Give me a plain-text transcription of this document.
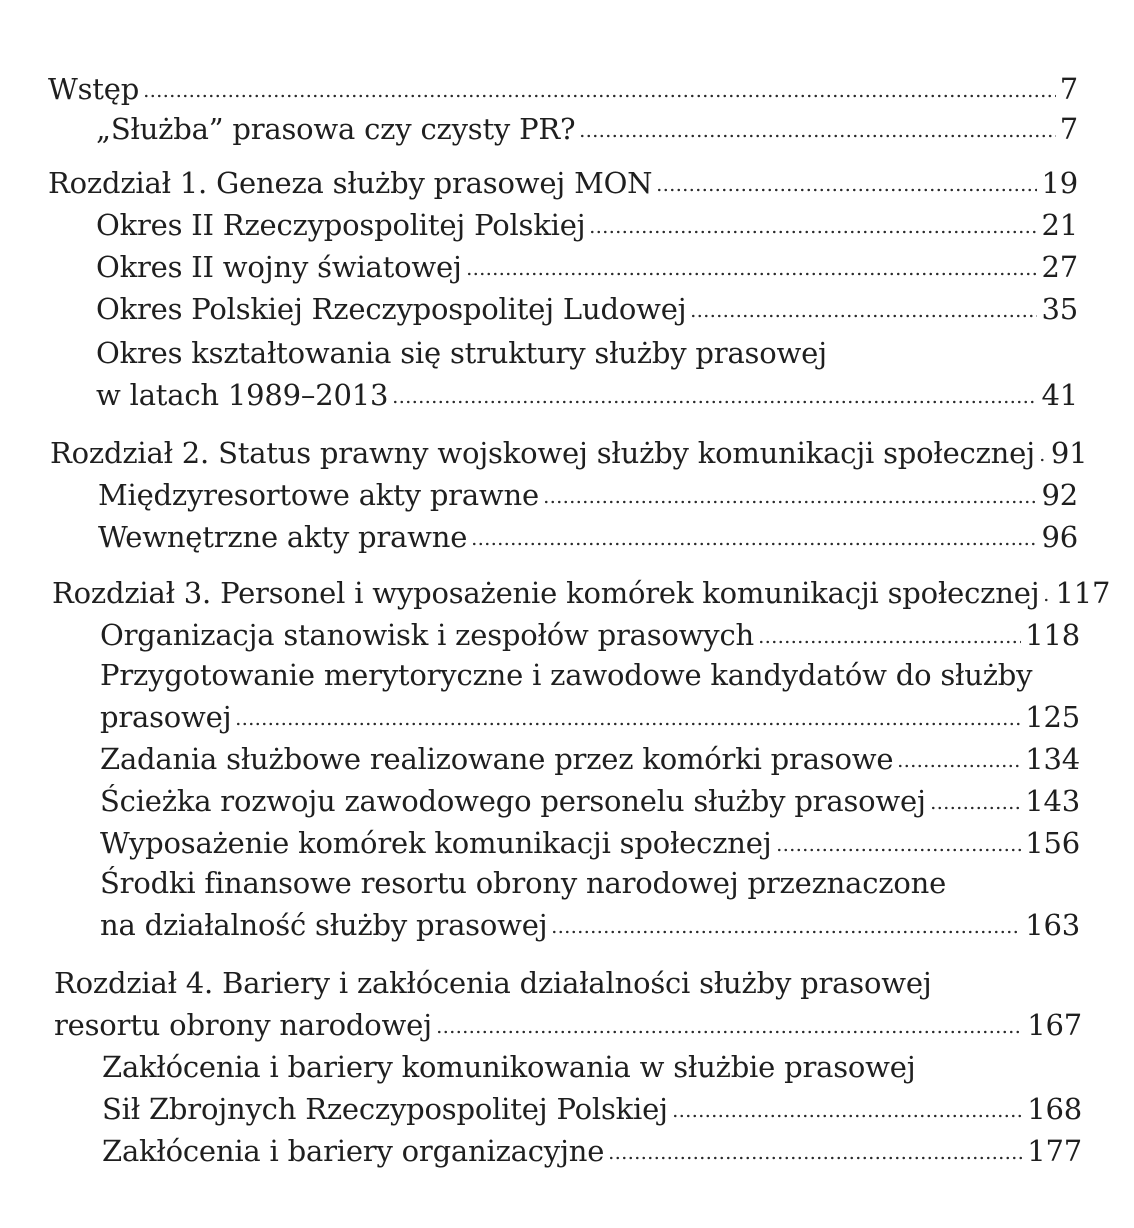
Wstęp	7
„Służba” prasowa czy czysty PR?	7
Rozdział 1. Geneza służby prasowej MON	19
Okres II Rzeczypospolitej Polskiej	21
Okres II wojny światowej	27
Okres Polskiej Rzeczypospolitej Ludowej	35
Okres kształtowania się struktury służby prasowej
w latach 1989–2013	41
Rozdział 2. Status prawny wojskowej służby komunikacji społecznej 91
Międzyresortowe akty prawne	92
Wewnętrzne akty prawne	96
Rozdział 3. Personel i wyposażenie komórek komunikacji społecznej 117
Organizacja stanowisk i zespołów prasowych	118
Przygotowanie merytoryczne i zawodowe kandydatów do służby
prasowej	125
Zadania służbowe realizowane przez komórki prasowe	134
Ścieżka rozwoju zawodowego personelu służby prasowej	143
Wyposażenie komórek komunikacji społecznej	156
Środki finansowe resortu obrony narodowej przeznaczone
na działalność służby prasowej	163
Rozdział 4. Bariery i zakłócenia działalności służby prasowej
resortu obrony narodowej	167
Zakłócenia i bariery komunikowania w służbie prasowej
Sił Zbrojnych Rzeczypospolitej Polskiej	168
Zakłócenia i bariery organizacyjne	177
